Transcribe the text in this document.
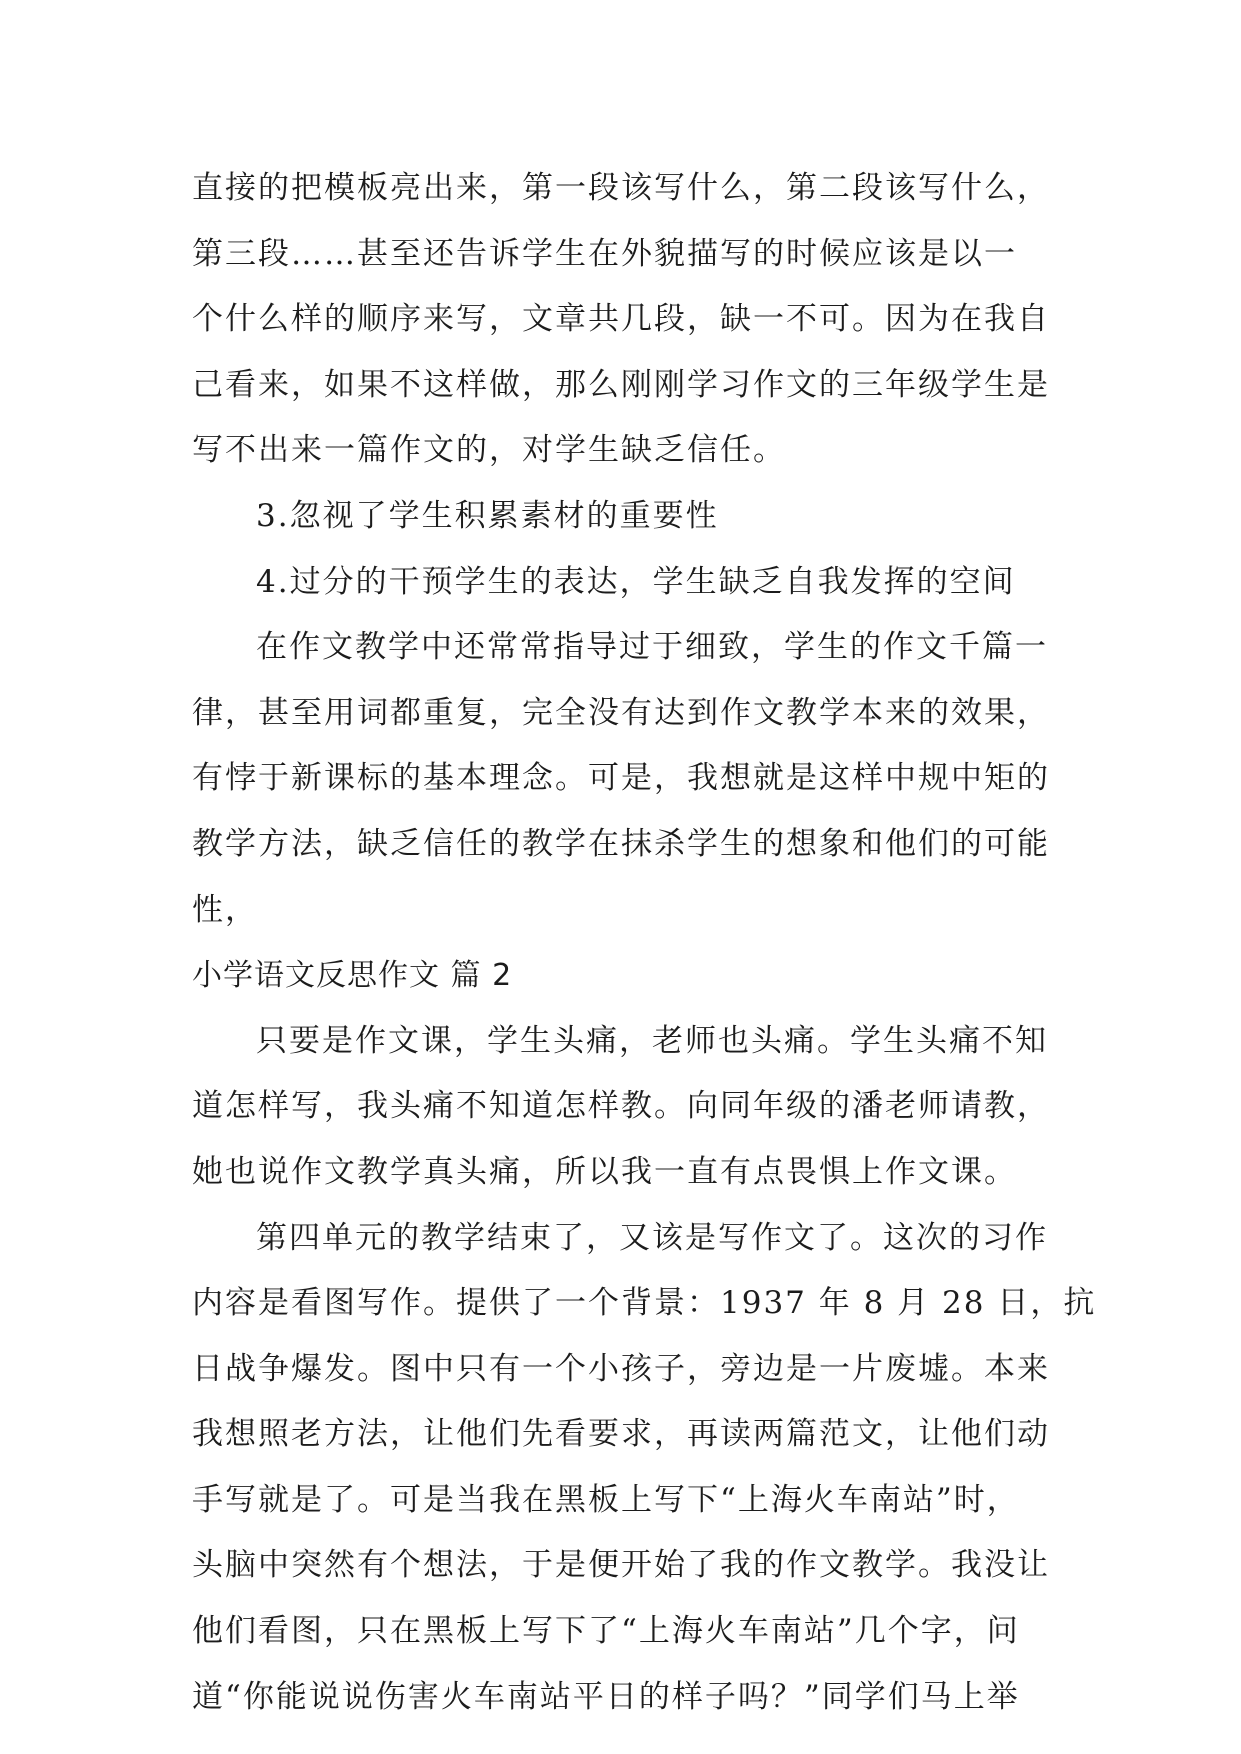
直接的把模板亮出来，第一段该写什么，第二段该写什么，
第三段……甚至还告诉学生在外貌描写的时候应该是以一
个什么样的顺序来写，文章共几段，缺一不可。因为在我自
己看来，如果不这样做，那么刚刚学习作文的三年级学生是
写不出来一篇作文的，对学生缺乏信任。
3.忽视了学生积累素材的重要性
4.过分的干预学生的表达，学生缺乏自我发挥的空间
在作文教学中还常常指导过于细致，学生的作文千篇一
律，甚至用词都重复，完全没有达到作文教学本来的效果，
有悖于新课标的基本理念。可是，我想就是这样中规中矩的
教学方法，缺乏信任的教学在抹杀学生的想象和他们的可能
性，
小学语文反思作文 篇 2
只要是作文课，学生头痛，老师也头痛。学生头痛不知
道怎样写，我头痛不知道怎样教。向同年级的潘老师请教，
她也说作文教学真头痛，所以我一直有点畏惧上作文课。
第四单元的教学结束了，又该是写作文了。这次的习作
内容是看图写作。提供了一个背景：1937 年 8 月 28 日，抗
日战争爆发。图中只有一个小孩子，旁边是一片废墟。本来
我想照老方法，让他们先看要求，再读两篇范文，让他们动
手写就是了。可是当我在黑板上写下“上海火车南站”时，
头脑中突然有个想法，于是便开始了我的作文教学。我没让
他们看图，只在黑板上写下了“上海火车南站”几个字，问
道“你能说说伤害火车南站平日的样子吗？”同学们马上举
